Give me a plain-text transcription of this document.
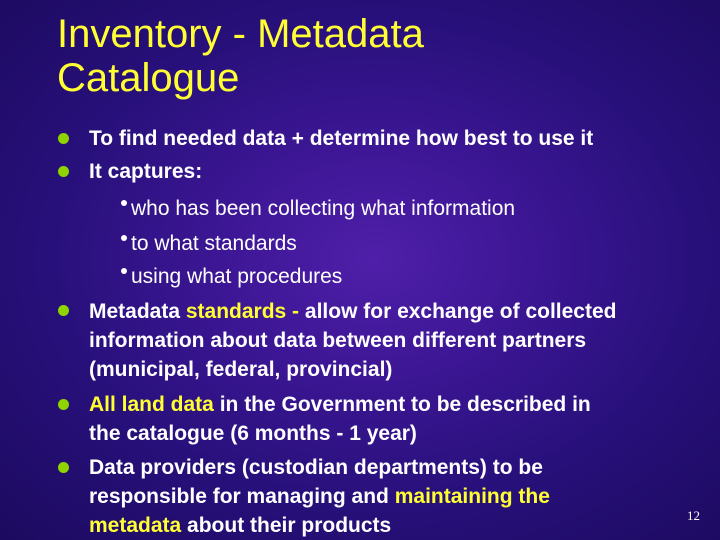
Inventory - Metadata
Catalogue
To find needed data + determine how best to use it
It captures:
who has been collecting what information
to what standards
using what procedures
Metadata standards - allow for exchange of collected
information about data between different partners
(municipal, federal, provincial)
All land data in the Government to be described in
the catalogue (6 months - 1 year)
Data providers (custodian departments) to be
responsible for managing and maintaining the
metadata about their products	12
